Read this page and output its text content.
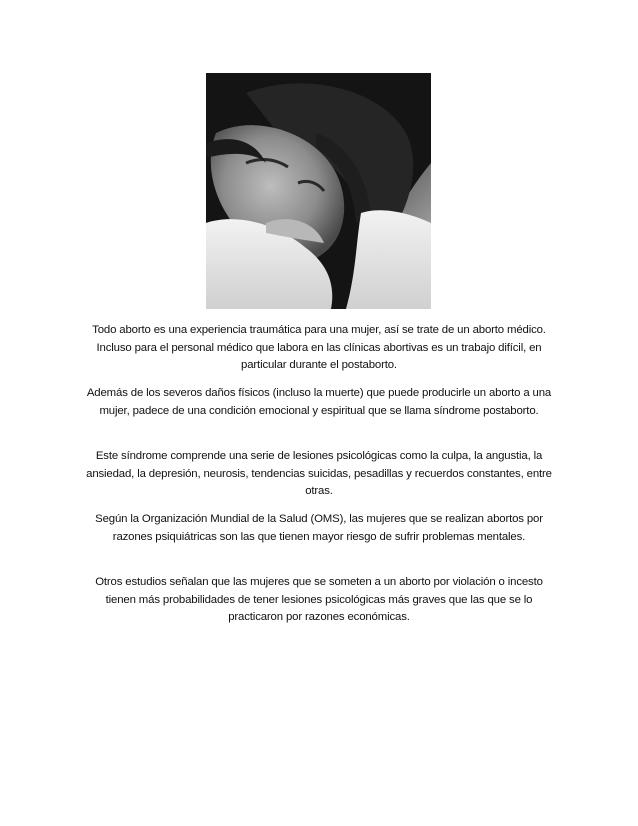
Todo aborto es una experiencia traumática para una mujer, así se trate de un aborto médico. Incluso para el personal médico que labora en las clínicas abortivas es un trabajo difícil, en particular durante el postaborto.
Además de los severos daños físicos (incluso la muerte) que puede producirle un aborto a una mujer, padece de una condición emocional y espiritual que se llama síndrome postaborto.
Este síndrome comprende una serie de lesiones psicológicas como la culpa, la angustia, la ansiedad, la depresión, neurosis, tendencias suicidas, pesadillas y recuerdos constantes, entre otras.
Según la Organización Mundial de la Salud (OMS), las mujeres que se realizan abortos por razones psiquiátricas son las que tienen mayor riesgo de sufrir problemas mentales.
Otros estudios señalan que las mujeres que se someten a un aborto por violación o incesto tienen más probabilidades de tener lesiones psicológicas más graves que las que se lo practicaron por razones económicas.
